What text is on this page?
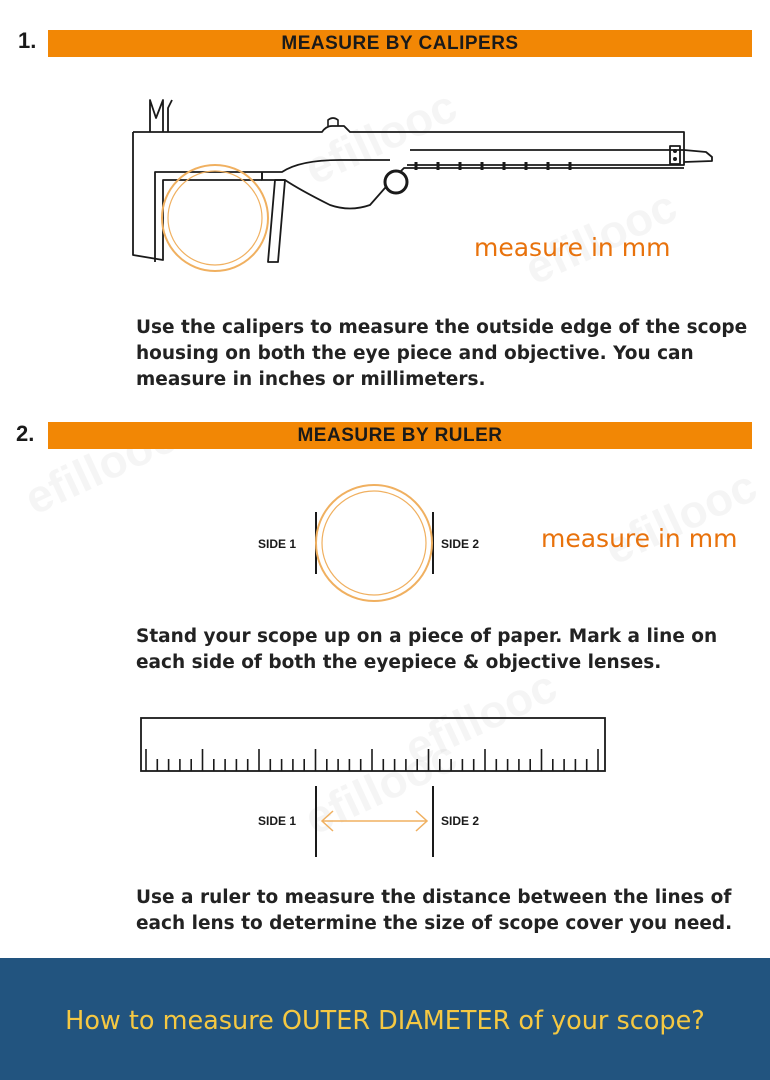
1.	MEASURE BY CALIPERS
measure in mm
Use the calipers to measure the outside edge of the scope housing on both the eye piece and objective. You can measure in inches or millimeters.
2.	MEASURE BY RULER
SIDE 1	SIDE 2 measure in mm
Stand your scope up on a piece of paper. Mark a line on each side of both the eyepiece & objective lenses.
SIDE 1	SIDE 2
Use a ruler to measure the distance between the lines of each lens to determine the size of scope cover you need.
How to measure OUTER DIAMETER of your scope?
